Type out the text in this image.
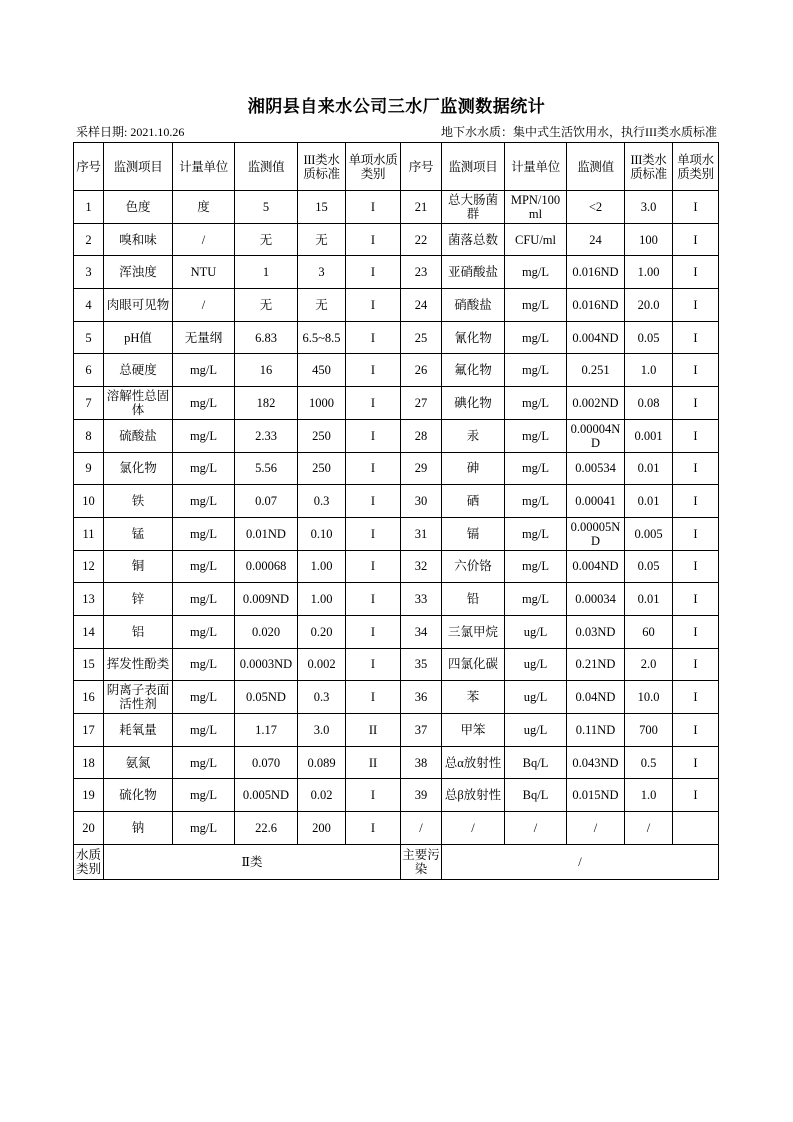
湘阴县自来水公司三水厂监测数据统计
采样日期: 2021.10.26	地下水水质：集中式生活饮用水，执行III类水质标准
序号	监测项目	计量单位	监测值	III类水质标准	单项水质类别	序号	监测项目	计量单位	监测值	III类水质标准	单项水质类别
1	色度	度	5	15	I	21	总大肠菌群	MPN/100ml	<2	3.0	I
2	嗅和味	/	无	无	I	22	菌落总数	CFU/ml	24	100	I
3	浑浊度	NTU	1	3	I	23	亚硝酸盐	mg/L	0.016ND	1.00	I
4	肉眼可见物	/	无	无	I	24	硝酸盐	mg/L	0.016ND	20.0	I
5	pH值	无量纲	6.83	6.5~8.5	I	25	氰化物	mg/L	0.004ND	0.05	I
6	总硬度	mg/L	16	450	I	26	氟化物	mg/L	0.251	1.0	I
7	溶解性总固体	mg/L	182	1000	I	27	碘化物	mg/L	0.002ND	0.08	I
8	硫酸盐	mg/L	2.33	250	I	28	汞	mg/L	0.00004ND	0.001	I
9	氯化物	mg/L	5.56	250	I	29	砷	mg/L	0.00534	0.01	I
10	铁	mg/L	0.07	0.3	I	30	硒	mg/L	0.00041	0.01	I
11	锰	mg/L	0.01ND	0.10	I	31	镉	mg/L	0.00005ND	0.005	I
12	铜	mg/L	0.00068	1.00	I	32	六价铬	mg/L	0.004ND	0.05	I
13	锌	mg/L	0.009ND	1.00	I	33	铅	mg/L	0.00034	0.01	I
14	铝	mg/L	0.020	0.20	I	34	三氯甲烷	ug/L	0.03ND	60	I
15	挥发性酚类	mg/L	0.0003ND	0.002	I	35	四氯化碳	ug/L	0.21ND	2.0	I
16	阴离子表面活性剂	mg/L	0.05ND	0.3	I	36	苯	ug/L	0.04ND	10.0	I
17	耗氧量	mg/L	1.17	3.0	II	37	甲笨	ug/L	0.11ND	700	I
18	氨氮	mg/L	0.070	0.089	II	38	总α放射性	Bq/L	0.043ND	0.5	I
19	硫化物	mg/L	0.005ND	0.02	I	39	总β放射性	Bq/L	0.015ND	1.0	I
20	钠	mg/L	22.6	200	I	/	/	/	/	/	
水质类别	Ⅱ类					主要污染	/				
